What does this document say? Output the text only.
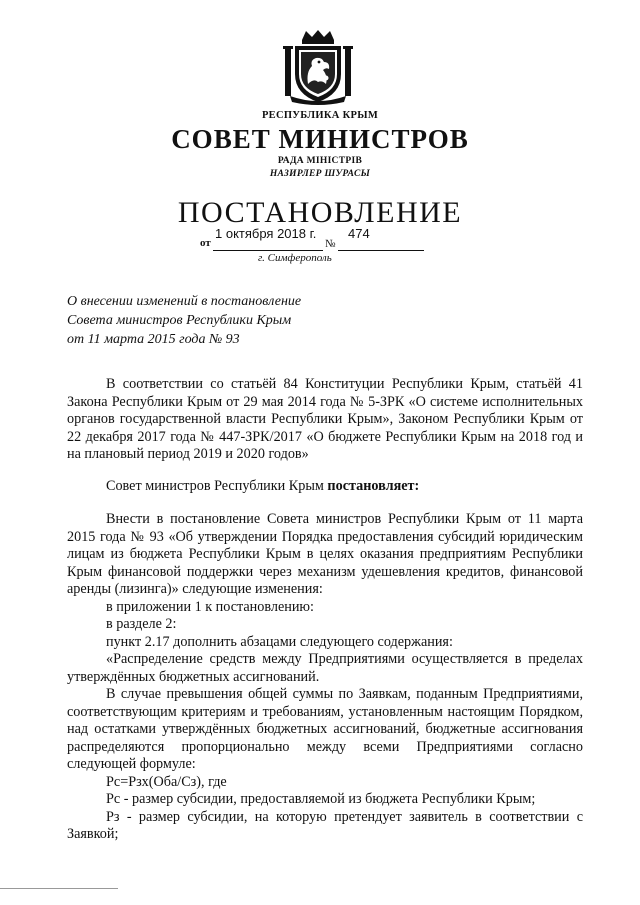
РЕСПУБЛИКА КРЫМ
СОВЕТ МИНИСТРОВ
РАДА МІНІСТРІВ
НАЗИРЛЕР ШУРАСЫ
ПОСТАНОВЛЕНИЕ
1 октября 2018 г. 474
от	№
г. Симферополь
О внесении изменений в постановление
Совета министров Республики Крым
от 11 марта 2015 года № 93

В соответствии со статьёй 84 Конституции Республики Крым, статьёй 41 Закона Республики Крым от 29 мая 2014 года № 5-ЗРК «О системе исполнительных органов государственной власти Республики Крым», Законом Республики Крым от 22 декабря 2017 года № 447-ЗРК/2017 «О бюджете Республики Крым на 2018 год и на плановый период 2019 и 2020 годов»

Совет министров Республики Крым постановляет:

Внести в постановление Совета министров Республики Крым от 11 марта 2015 года № 93 «Об утверждении Порядка предоставления субсидий юридическим лицам из бюджета Республики Крым в целях оказания предприятиям Республики Крым финансовой поддержки через механизм удешевления кредитов, финансовой аренды (лизинга)» следующие изменения:

в приложении 1 к постановлению:

в разделе 2:

пункт 2.17 дополнить абзацами следующего содержания:

«Распределение средств между Предприятиями осуществляется в пределах утверждённых бюджетных ассигнований.

В случае превышения общей суммы по Заявкам, поданным Предприятиями, соответствующим критериям и требованиям, установленным настоящим Порядком, над остатками утверждённых бюджетных ассигнований, бюджетные ассигнования распределяются пропорционально между всеми Предприятиями согласно следующей формуле:

Рс=Рзх(Оба/Сз), где

Рс - размер субсидии, предоставляемой из бюджета Республики Крым;

Рз - размер субсидии, на которую претендует заявитель в соответствии с Заявкой;
